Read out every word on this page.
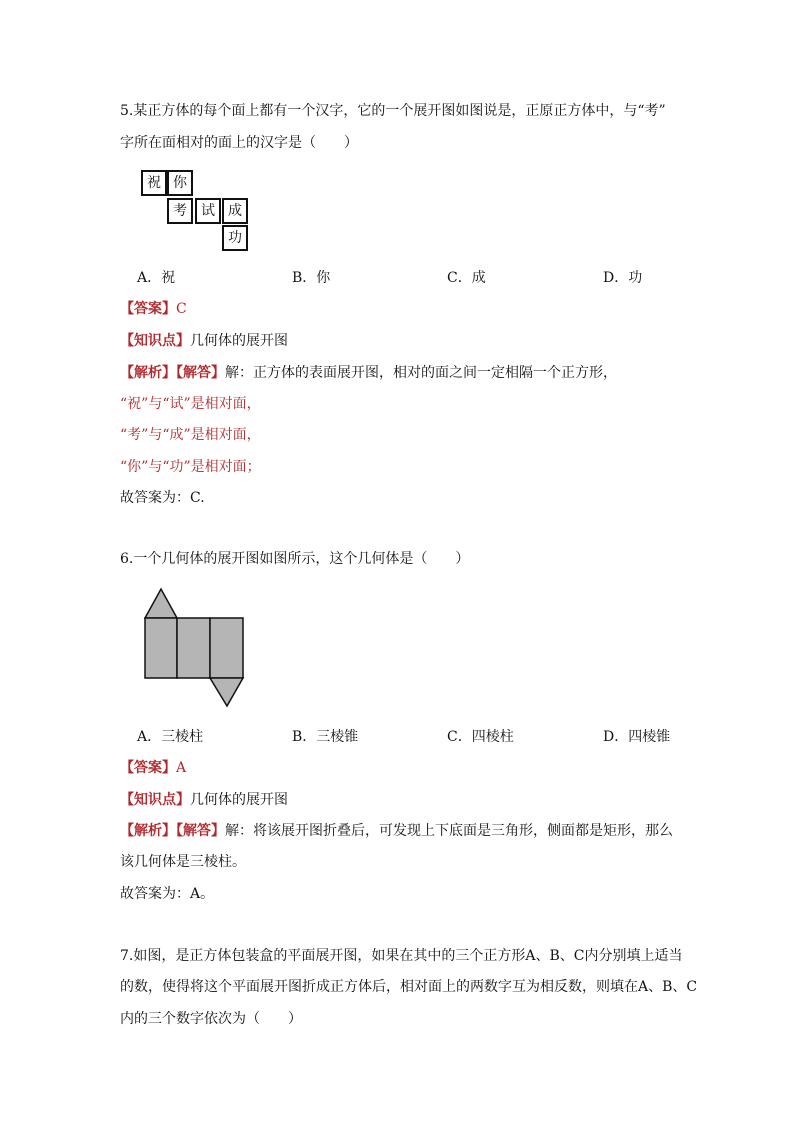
5.某正方体的每个面上都有一个汉字，它的一个展开图如图说是，正原正方体中，与“考”
字所在面相对的面上的汉字是（　　）
祝 你
考	试 成
功
A．祝	B．你	C．成	D．功
【答案】C
【知识点】几何体的展开图
【解析】【解答】解：正方体的表面展开图，相对的面之间一定相隔一个正方形，
“祝”与“试”是相对面，
“考”与“成”是相对面，
“你”与“功”是相对面；
故答案为：C.
6.一个几何体的展开图如图所示，这个几何体是（　　）
A．三棱柱	B．三棱锥	C．四棱柱	D．四棱锥
【答案】A
【知识点】几何体的展开图
【解析】【解答】解：将该展开图折叠后，可发现上下底面是三角形，侧面都是矩形，那么
该几何体是三棱柱。
故答案为：A。
7.如图，是正方体包装盒的平面展开图，如果在其中的三个正方形A、B、C内分别填上适当
的数，使得将这个平面展开图折成正方体后，相对面上的两数字互为相反数，则填在A、B、C
内的三个数字依次为（　　）
